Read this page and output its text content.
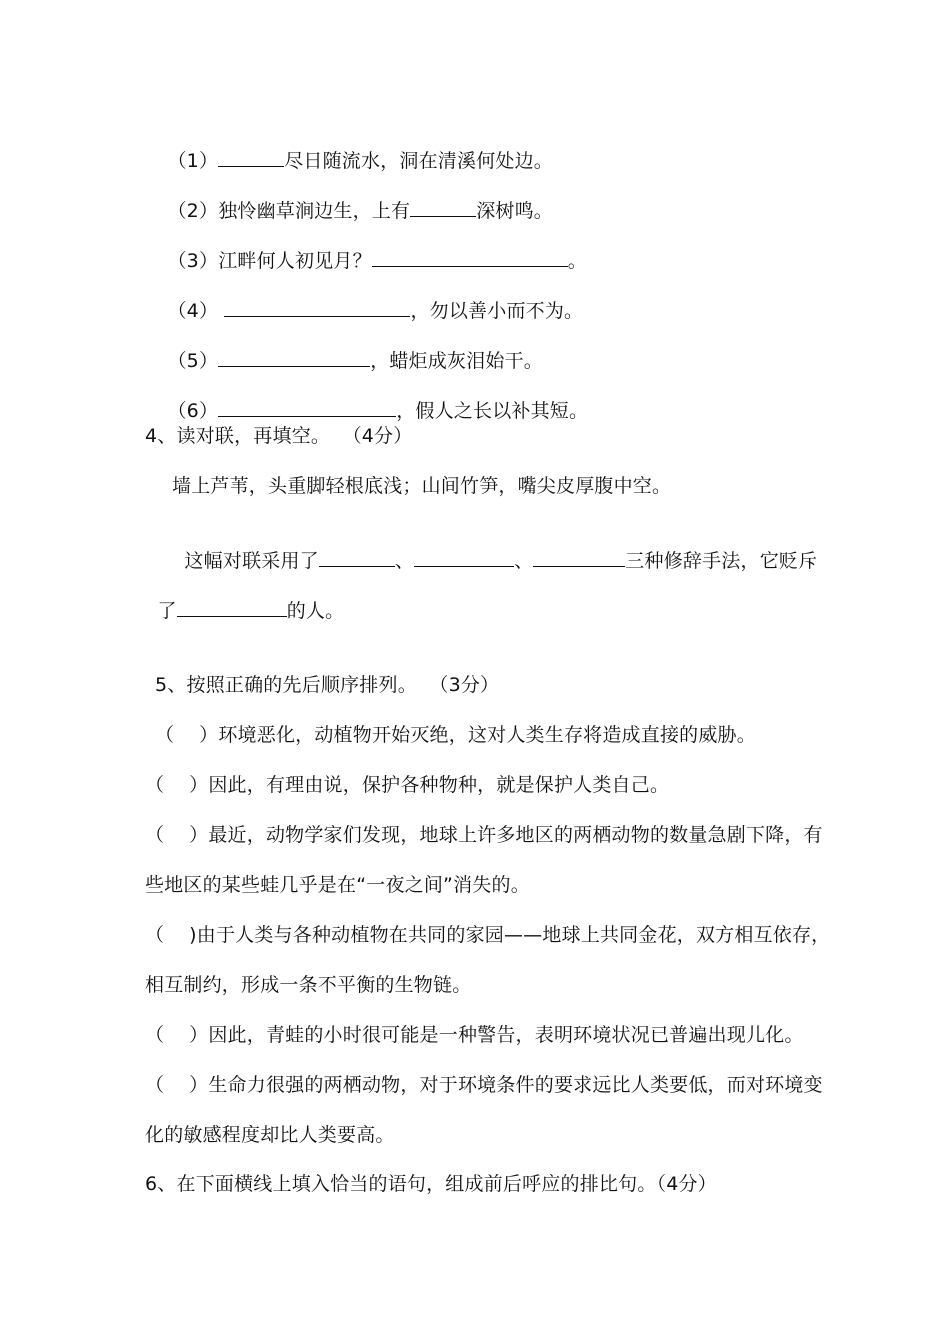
（1）	尽日随流水，洞在清溪何处边。

（2）独怜幽草涧边生，上有	深树鸣。

（3）江畔何人初见月？	。

（4）	，勿以善小而不为。

（5）	，蜡炬成灰泪始干。

（6）	，假人之长以补其短。

4、读对联，再填空。  （4分）
墙上芦苇，头重脚轻根底浅；山间竹笋，嘴尖皮厚腹中空。

这幅对联采用了	、	、	三种修辞手法，它贬斥

了	的人。

5、按照正确的先后顺序排列。  （3分）
（    ）环境恶化，动植物开始灭绝，这对人类生存将造成直接的威胁。
（    ）因此，有理由说，保护各种物种，就是保护人类自己。
（    ）最近，动物学家们发现，地球上许多地区的两栖动物的数量急剧下降，有
些地区的某些蛙几乎是在“一夜之间”消失的。
（    )由于人类与各种动植物在共同的家园——地球上共同金花，双方相互依存，
相互制约，形成一条不平衡的生物链。
（    ）因此，青蛙的小时很可能是一种警告，表明环境状况已普遍出现儿化。
（    ）生命力很强的两栖动物，对于环境条件的要求远比人类要低，而对环境变
化的敏感程度却比人类要高。
6、在下面横线上填入恰当的语句，组成前后呼应的排比句。（4分）
